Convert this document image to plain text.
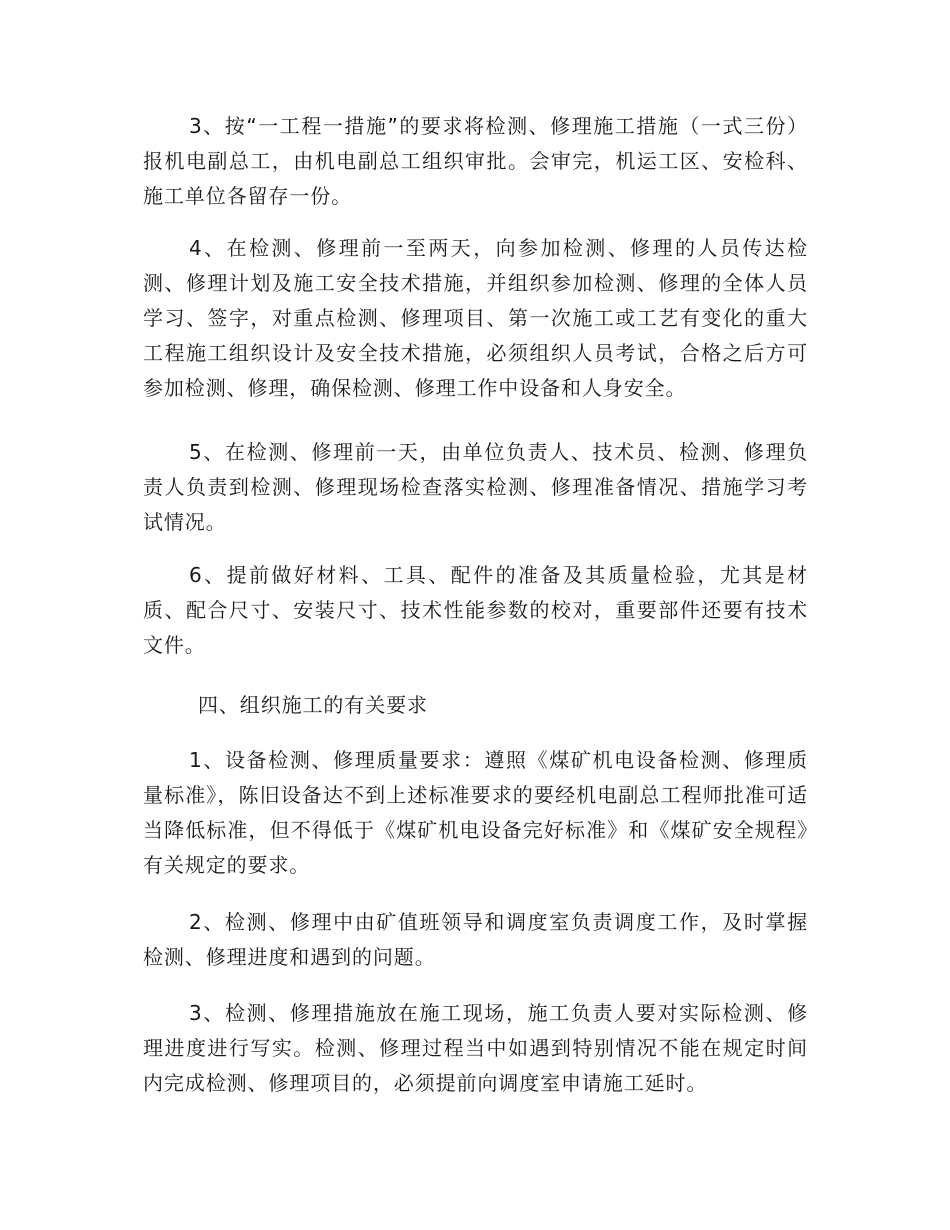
3、按“一工程一措施”的要求将检测、修理施工措施（一式三份）报机电副总工，由机电副总工组织审批。会审完，机运工区、安检科、施工单位各留存一份。

4、在检测、修理前一至两天，向参加检测、修理的人员传达检测、修理计划及施工安全技术措施，并组织参加检测、修理的全体人员学习、签字，对重点检测、修理项目、第一次施工或工艺有变化的重大工程施工组织设计及安全技术措施，必须组织人员考试，合格之后方可参加检测、修理，确保检测、修理工作中设备和人身安全。

5、在检测、修理前一天，由单位负责人、技术员、检测、修理负责人负责到检测、修理现场检查落实检测、修理准备情况、措施学习考试情况。

6、提前做好材料、工具、配件的准备及其质量检验，尤其是材质、配合尺寸、安装尺寸、技术性能参数的校对，重要部件还要有技术文件。

四、组织施工的有关要求

1、设备检测、修理质量要求：遵照《煤矿机电设备检测、修理质量标准》，陈旧设备达不到上述标准要求的要经机电副总工程师批准可适当降低标准，但不得低于《煤矿机电设备完好标准》和《煤矿安全规程》有关规定的要求。

2、检测、修理中由矿值班领导和调度室负责调度工作，及时掌握检测、修理进度和遇到的问题。

3、检测、修理措施放在施工现场，施工负责人要对实际检测、修理进度进行写实。检测、修理过程当中如遇到特别情况不能在规定时间内完成检测、修理项目的，必须提前向调度室申请施工延时。
